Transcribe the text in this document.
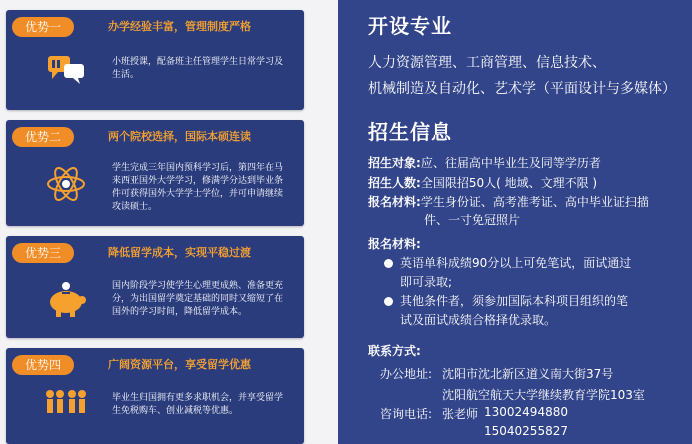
优势一	办学经验丰富，管理制度严格
小班授课，配备班主任管理学生日常学习及生活。
优势二	两个院校选择，国际本硕连读
学生完成三年国内预科学习后，第四年在马来西亚国外大学学习，修满学分达到毕业条件可获得国外大学学士学位，并可申请继续攻读硕士。
优势三	降低留学成本，实现平稳过渡
国内阶段学习使学生心理更成熟、准备更充分，为出国留学奠定基础的同时又缩短了在国外的学习时间，降低留学成本。
优势四	广阔资源平台，享受留学优惠
毕业生归国拥有更多求职机会，并享受留学生免税购车、创业减税等优惠。
开设专业
人力资源管理、工商管理、信息技术、
机械制造及自动化、艺术学（平面设计与多媒体）
招生信息
招生对象:应、往届高中毕业生及同等学历者
招生人数:全国限招50人( 地域、文理不限 )
报名材料:学生身份证、高考准考证、高中毕业证扫描
件、一寸免冠照片
报名材料:
英语单科成绩90分以上可免笔试，面试通过
即可录取;
其他条件者，须参加国际本科项目组织的笔
试及面试成绩合格择优录取。
联系方式:
办公地址: 沈阳市沈北新区道义南大街37号
沈阳航空航天大学继续教育学院103室
咨询电话: 张老师 13002494880
15040255827
